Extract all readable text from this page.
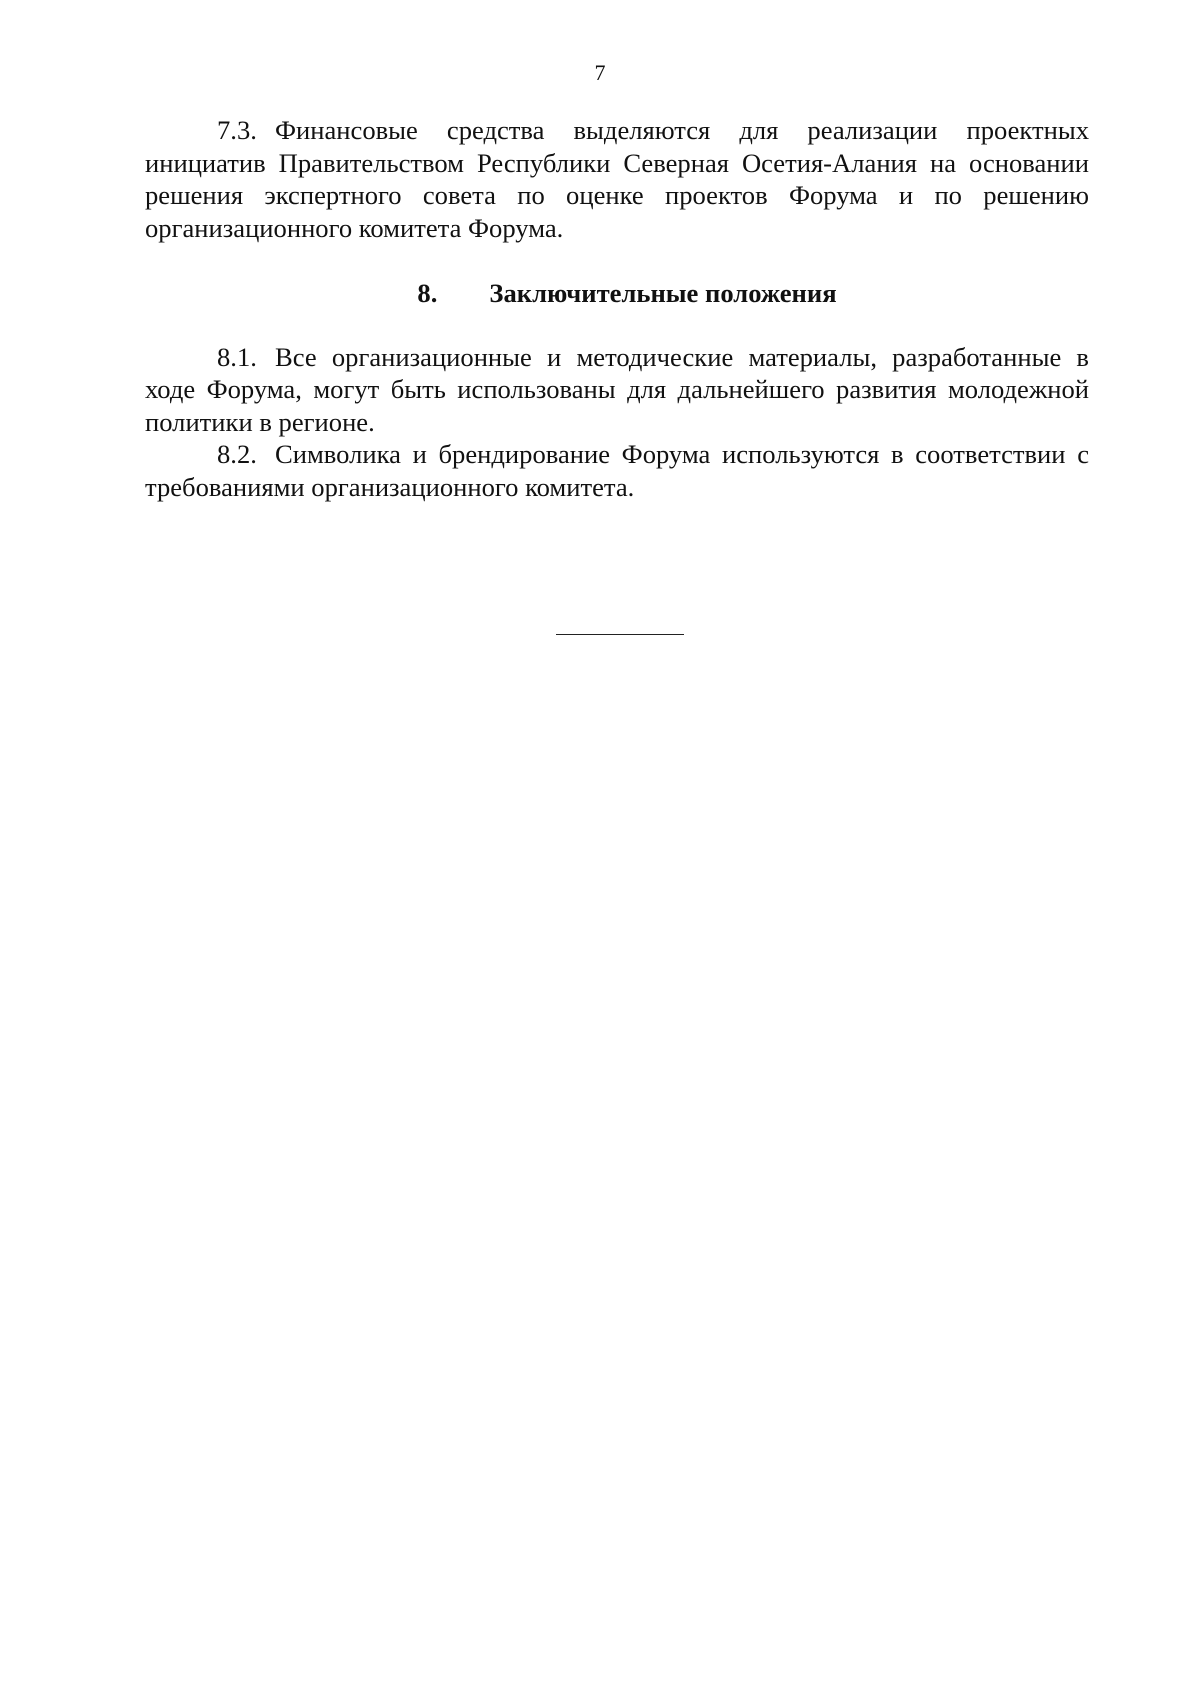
7

7.3. Финансовые средства выделяются для реализации проектных инициатив Правительством Республики Северная Осетия-Алания на основании решения экспертного совета по оценке проектов Форума и по решению организационного комитета Форума.

8. Заключительные положения

8.1. Все организационные и методические материалы, разработанные в ходе Форума, могут быть использованы для дальнейшего развития молодежной политики в регионе.

8.2. Символика и брендирование Форума используются в соответствии с требованиями организационного комитета.
